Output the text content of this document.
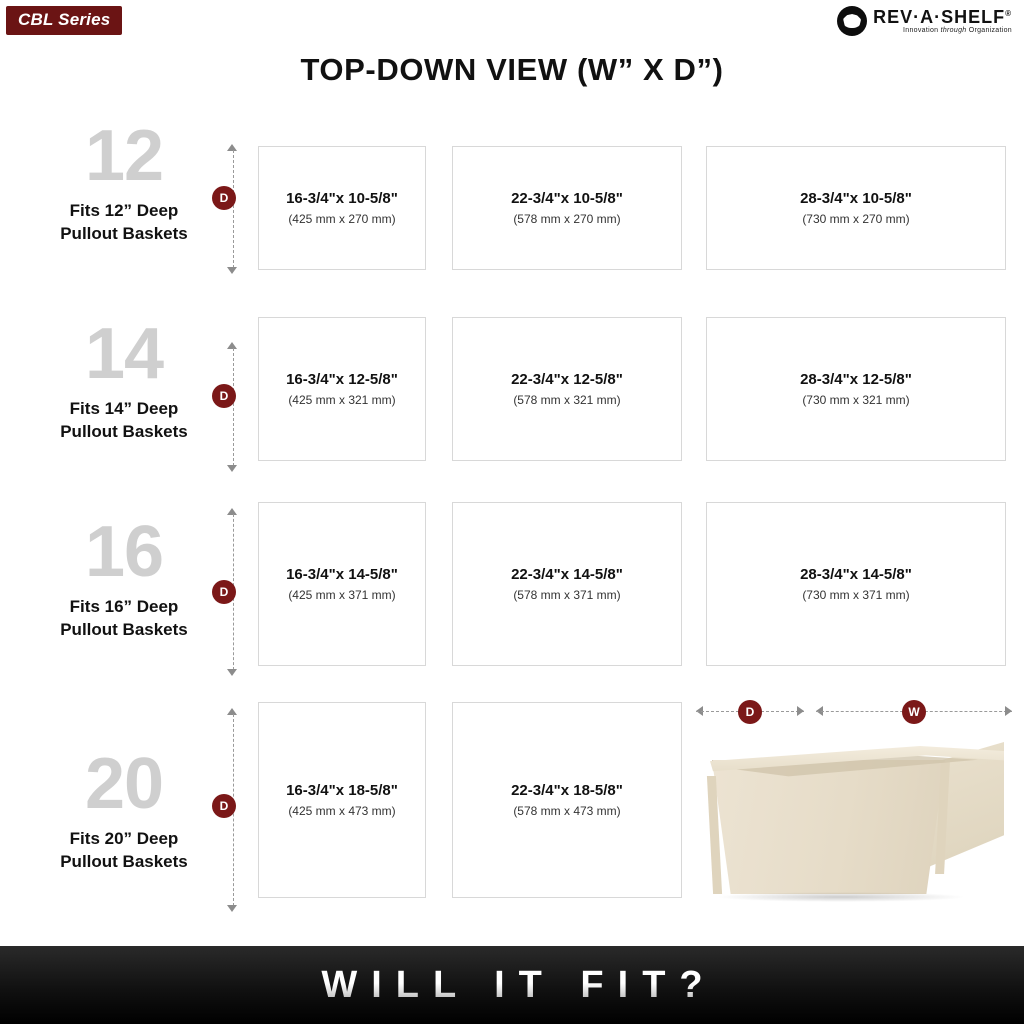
CBL Series	REV·A·SHELF®
Innovation through Organization
TOP-DOWN VIEW (W” X D”)
12
Fits 12” Deep
Pullout Baskets
D	16-3/4"x 10-5/8"
(425 mm x 270 mm)
22-3/4"x 10-5/8"
(578 mm x 270 mm)
28-3/4"x 10-5/8"
(730 mm x 270 mm)
14
Fits 14” Deep
Pullout Baskets
D
16-3/4"x 12-5/8"
(425 mm x 321 mm)
22-3/4"x 12-5/8"
(578 mm x 321 mm)
28-3/4"x 12-5/8"
(730 mm x 321 mm)
16
Fits 16” Deep
Pullout Baskets
D
16-3/4"x 14-5/8"
(425 mm x 371 mm)
22-3/4"x 14-5/8"
(578 mm x 371 mm)
28-3/4"x 14-5/8"
(730 mm x 371 mm)
20
Fits 20” Deep
Pullout Baskets
D
16-3/4"x 18-5/8"
(425 mm x 473 mm)
22-3/4"x 18-5/8"
(578 mm x 473 mm)
D	W
WILL IT FIT?
